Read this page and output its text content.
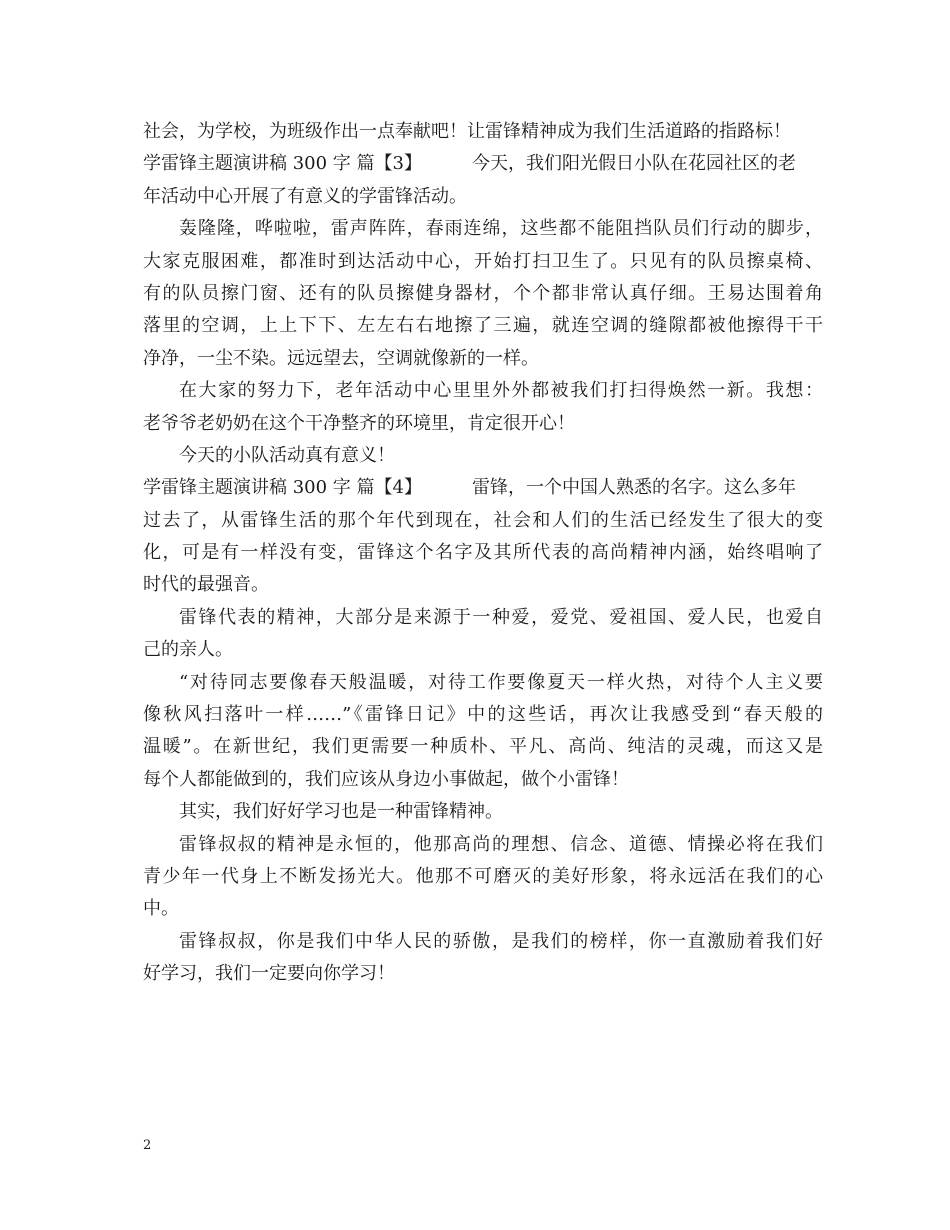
社会，为学校，为班级作出一点奉献吧！让雷锋精神成为我们生活道路的指路标！
学雷锋主题演讲稿 300 字 篇【3】	今天，我们阳光假日小队在花园社区的老
年活动中心开展了有意义的学雷锋活动。
轰隆隆，哗啦啦，雷声阵阵，春雨连绵，这些都不能阻挡队员们行动的脚步，
大家克服困难，都准时到达活动中心，开始打扫卫生了。只见有的队员擦桌椅、
有的队员擦门窗、还有的队员擦健身器材，个个都非常认真仔细。王易达围着角
落里的空调，上上下下、左左右右地擦了三遍，就连空调的缝隙都被他擦得干干
净净，一尘不染。远远望去，空调就像新的一样。
在大家的努力下，老年活动中心里里外外都被我们打扫得焕然一新。我想：
老爷爷老奶奶在这个干净整齐的环境里，肯定很开心！
今天的小队活动真有意义！
学雷锋主题演讲稿 300 字 篇【4】	雷锋，一个中国人熟悉的名字。这么多年
过去了，从雷锋生活的那个年代到现在，社会和人们的生活已经发生了很大的变
化，可是有一样没有变，雷锋这个名字及其所代表的高尚精神内涵，始终唱响了
时代的最强音。
雷锋代表的精神，大部分是来源于一种爱，爱党、爱祖国、爱人民，也爱自
己的亲人。
“对待同志要像春天般温暖，对待工作要像夏天一样火热，对待个人主义要
像秋风扫落叶一样……”《雷锋日记》中的这些话，再次让我感受到“春天般的
温暖”。在新世纪，我们更需要一种质朴、平凡、高尚、纯洁的灵魂，而这又是
每个人都能做到的，我们应该从身边小事做起，做个小雷锋！
其实，我们好好学习也是一种雷锋精神。
雷锋叔叔的精神是永恒的，他那高尚的理想、信念、道德、情操必将在我们
青少年一代身上不断发扬光大。他那不可磨灭的美好形象，将永远活在我们的心
中。
雷锋叔叔，你是我们中华人民的骄傲，是我们的榜样，你一直激励着我们好
好学习，我们一定要向你学习！
2
